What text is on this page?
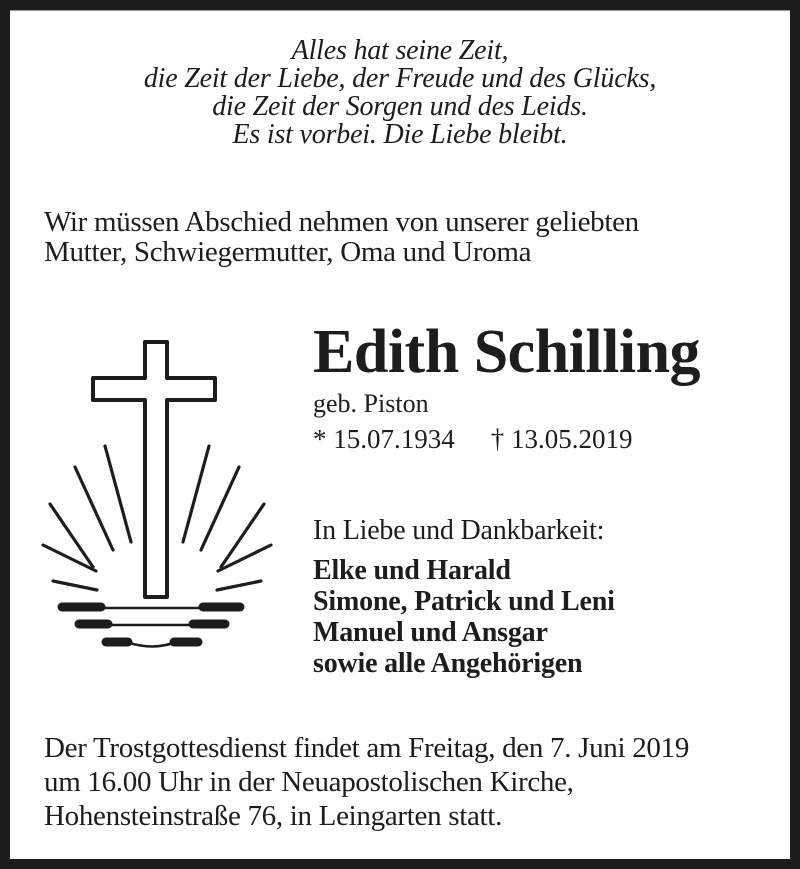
Alles hat seine Zeit,
die Zeit der Liebe, der Freude und des Glücks,
die Zeit der Sorgen und des Leids.
Es ist vorbei. Die Liebe bleibt.
Wir müssen Abschied nehmen von unserer geliebten
Mutter, Schwiegermutter, Oma und Uroma
Edith Schilling
geb. Piston
* 15.07.1934 † 13.05.2019
In Liebe und Dankbarkeit:
Elke und Harald
Simone, Patrick und Leni
Manuel und Ansgar
sowie alle Angehörigen
Der Trostgottesdienst findet am Freitag, den 7. Juni 2019
um 16.00 Uhr in der Neuapostolischen Kirche,
Hohensteinstraße 76, in Leingarten statt.
